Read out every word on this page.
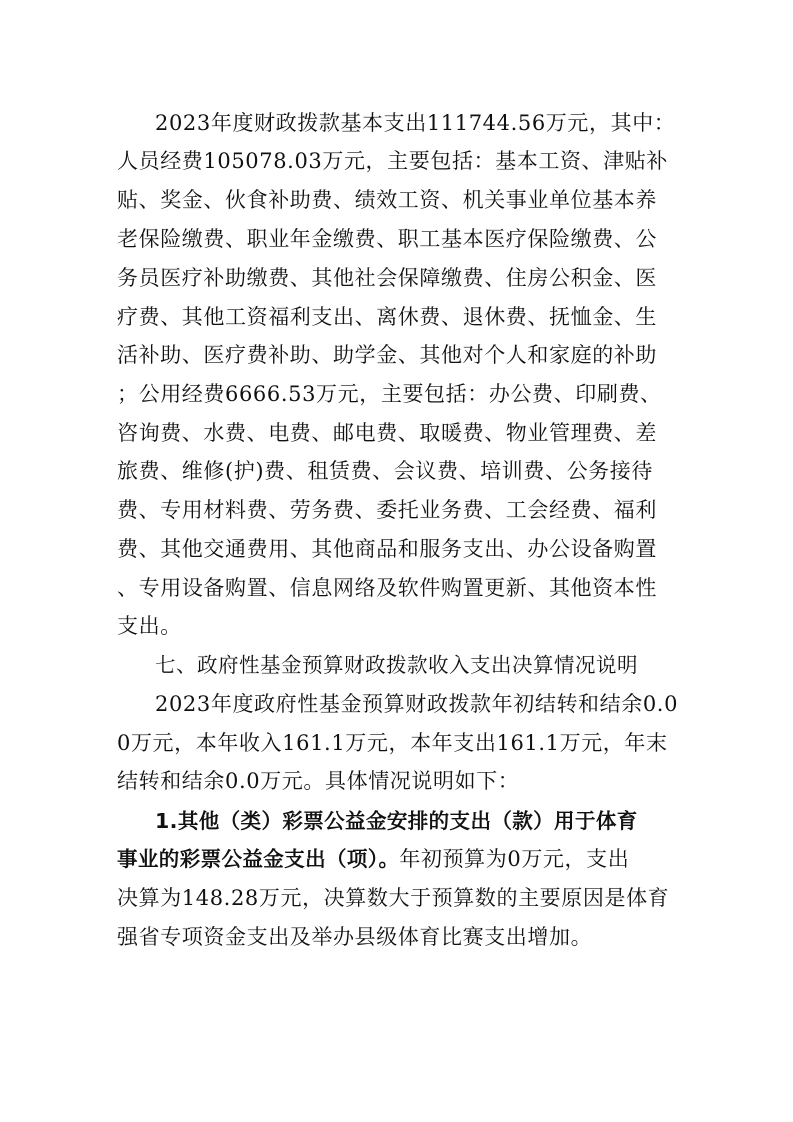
2023年度财政拨款基本支出111744.56万元，其中：
人员经费105078.03万元，主要包括：基本工资、津贴补
贴、奖金、伙食补助费、绩效工资、机关事业单位基本养
老保险缴费、职业年金缴费、职工基本医疗保险缴费、公
务员医疗补助缴费、其他社会保障缴费、住房公积金、医
疗费、其他工资福利支出、离休费、退休费、抚恤金、生
活补助、医疗费补助、助学金、其他对个人和家庭的补助
；公用经费6666.53万元，主要包括：办公费、印刷费、
咨询费、水费、电费、邮电费、取暖费、物业管理费、差
旅费、维修(护)费、租赁费、会议费、培训费、公务接待
费、专用材料费、劳务费、委托业务费、工会经费、福利
费、其他交通费用、其他商品和服务支出、办公设备购置
、专用设备购置、信息网络及软件购置更新、其他资本性
支出。
七、政府性基金预算财政拨款收入支出决算情况说明
2023年度政府性基金预算财政拨款年初结转和结余0.0
0万元，本年收入161.1万元，本年支出161.1万元，年末
结转和结余0.0万元。具体情况说明如下：
1.其他（类）彩票公益金安排的支出（款）用于体育
事业的彩票公益金支出（项）。年初预算为0万元，支出
决算为148.28万元，决算数大于预算数的主要原因是体育
强省专项资金支出及举办县级体育比赛支出增加。
